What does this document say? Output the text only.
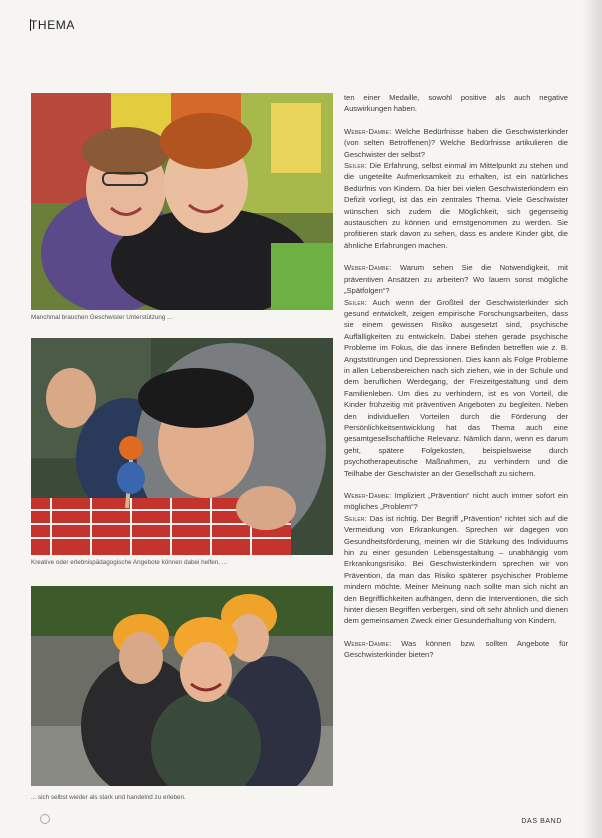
THEMA
Manchmal brauchen Geschwister Unterstützung ...
Kreative oder erlebnispädagogische Angebote können dabei helfen, ...
... sich selbst wieder als stark und handelnd zu erleben.

ten einer Medaille, sowohl positive als auch negative Auswirkungen haben.

Weber-Dambe: Welche Bedürfnisse haben die Geschwisterkinder (von selten Betroffenen)? Welche Bedürfnisse artikulieren die Geschwister der selbst?
Seiler: Die Erfahrung, selbst einmal im Mittelpunkt zu stehen und die ungeteilte Aufmerksamkeit zu erhalten, ist ein natürliches Bedürfnis von Kindern. Da hier bei vielen Geschwisterkindern ein Defizit vorliegt, ist das ein zentrales Thema. Viele Geschwister wünschen sich zudem die Möglichkeit, sich gegenseitig austauschen zu können und ernstgenommen zu werden. Sie profitieren stark davon zu sehen, dass es andere Kinder gibt, die ähnliche Erfahrungen machen.

Weber-Dambe: Warum sehen Sie die Notwendigkeit, mit präventiven Ansätzen zu arbeiten? Wo lauern sonst mögliche „Spätfolgen“?
Seiler: Auch wenn der Großteil der Geschwisterkinder sich gesund entwickelt, zeigen empirische Forschungsarbeiten, dass sie einem gewissen Risiko ausgesetzt sind, psychische Auffälligkeiten zu entwickeln. Dabei stehen gerade psychische Probleme im Fokus, die das innere Befinden betreffen wie z. B. Angststörungen und Depressionen. Dies kann als Folge Probleme in allen Lebensbereichen nach sich ziehen, wie in der Schule und dem beruflichen Werdegang, der Freizeitgestaltung und dem Familienleben. Um dies zu verhindern, ist es von Vorteil, die Kinder frühzeitig mit präventiven Angeboten zu begleiten. Neben den individuellen Vorteilen durch die Förderung der Persönlichkeitsentwicklung hat das Thema auch eine gesamtgesellschaftliche Relevanz. Nämlich dann, wenn es darum geht, spätere Folgekosten, beispielsweise durch psychotherapeutische Maßnahmen, zu verhindern und die Teilhabe der Geschwister an der Gesellschaft zu sichern.

Weber-Dambe: Impliziert „Prävention“ nicht auch immer sofort ein mögliches „Problem“?
Seiler: Das ist richtig. Der Begriff „Prävention“ richtet sich auf die Vermeidung von Erkrankungen. Sprechen wir dagegen von Gesundheitsförderung, meinen wir die Stärkung des Individuums hin zu einer gesunden Lebensgestaltung – unabhängig vom Erkrankungsrisiko. Bei Geschwisterkindern sprechen wir von Prävention, da man das Risiko späterer psychischer Probleme mindern möchte. Meiner Meinung nach sollte man sich nicht an den Begrifflichkeiten aufhängen, denn die Interventionen, die sich hinter diesen Begriffen verbergen, sind oft sehr ähnlich und dienen dem gemeinsamen Zweck einer Gesunderhaltung von Kindern.

Weber-Dambe: Was können bzw. sollten Angebote für Geschwisterkinder bieten?

DAS BAND
